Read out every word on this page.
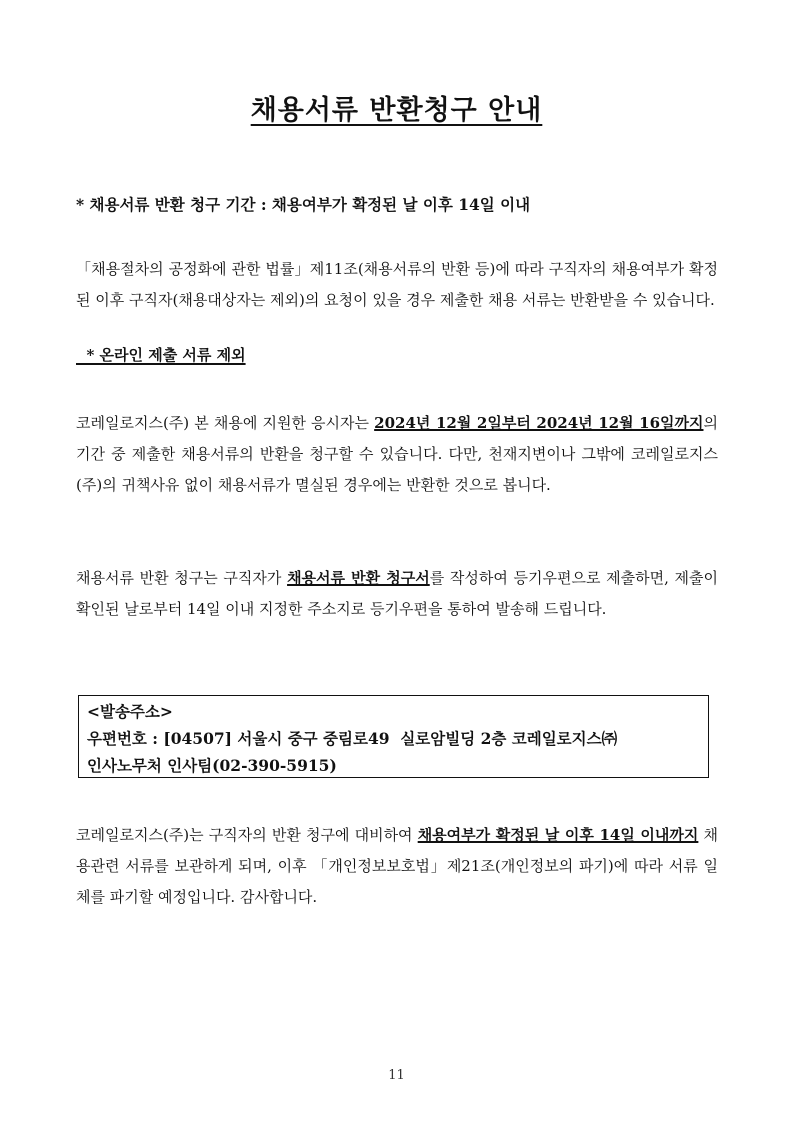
채용서류 반환청구 안내
* 채용서류 반환 청구 기간 : 채용여부가 확정된 날 이후 14일 이내
「채용절차의 공정화에 관한 법률」제11조(채용서류의 반환 등)에 따라 구직자의 채용여부가 확정된 이후 구직자(채용대상자는 제외)의 요청이 있을 경우 제출한 채용 서류는 반환받을 수 있습니다.
* 온라인 제출 서류 제외
코레일로지스(주) 본 채용에 지원한 응시자는 2024년 12월 2일부터 2024년 12월 16일까지의 기간 중 제출한 채용서류의 반환을 청구할 수 있습니다. 다만, 천재지변이나 그밖에 코레일로지스(주)의 귀책사유 없이 채용서류가 멸실된 경우에는 반환한 것으로 봅니다.
채용서류 반환 청구는 구직자가 채용서류 반환 청구서를 작성하여 등기우편으로 제출하면, 제출이 확인된 날로부터 14일 이내 지정한 주소지로 등기우편을 통하여 발송해 드립니다.
<발송주소>
우편번호 : [04507] 서울시 중구 중림로49  실로암빌딩 2층 코레일로지스㈜
인사노무처 인사팀(02-390-5915)
코레일로지스(주)는 구직자의 반환 청구에 대비하여 채용여부가 확정된 날 이후 14일 이내까지 채용관련 서류를 보관하게 되며, 이후 「개인정보보호법」제21조(개인정보의 파기)에 따라 서류 일체를 파기할 예정입니다. 감사합니다.
11
